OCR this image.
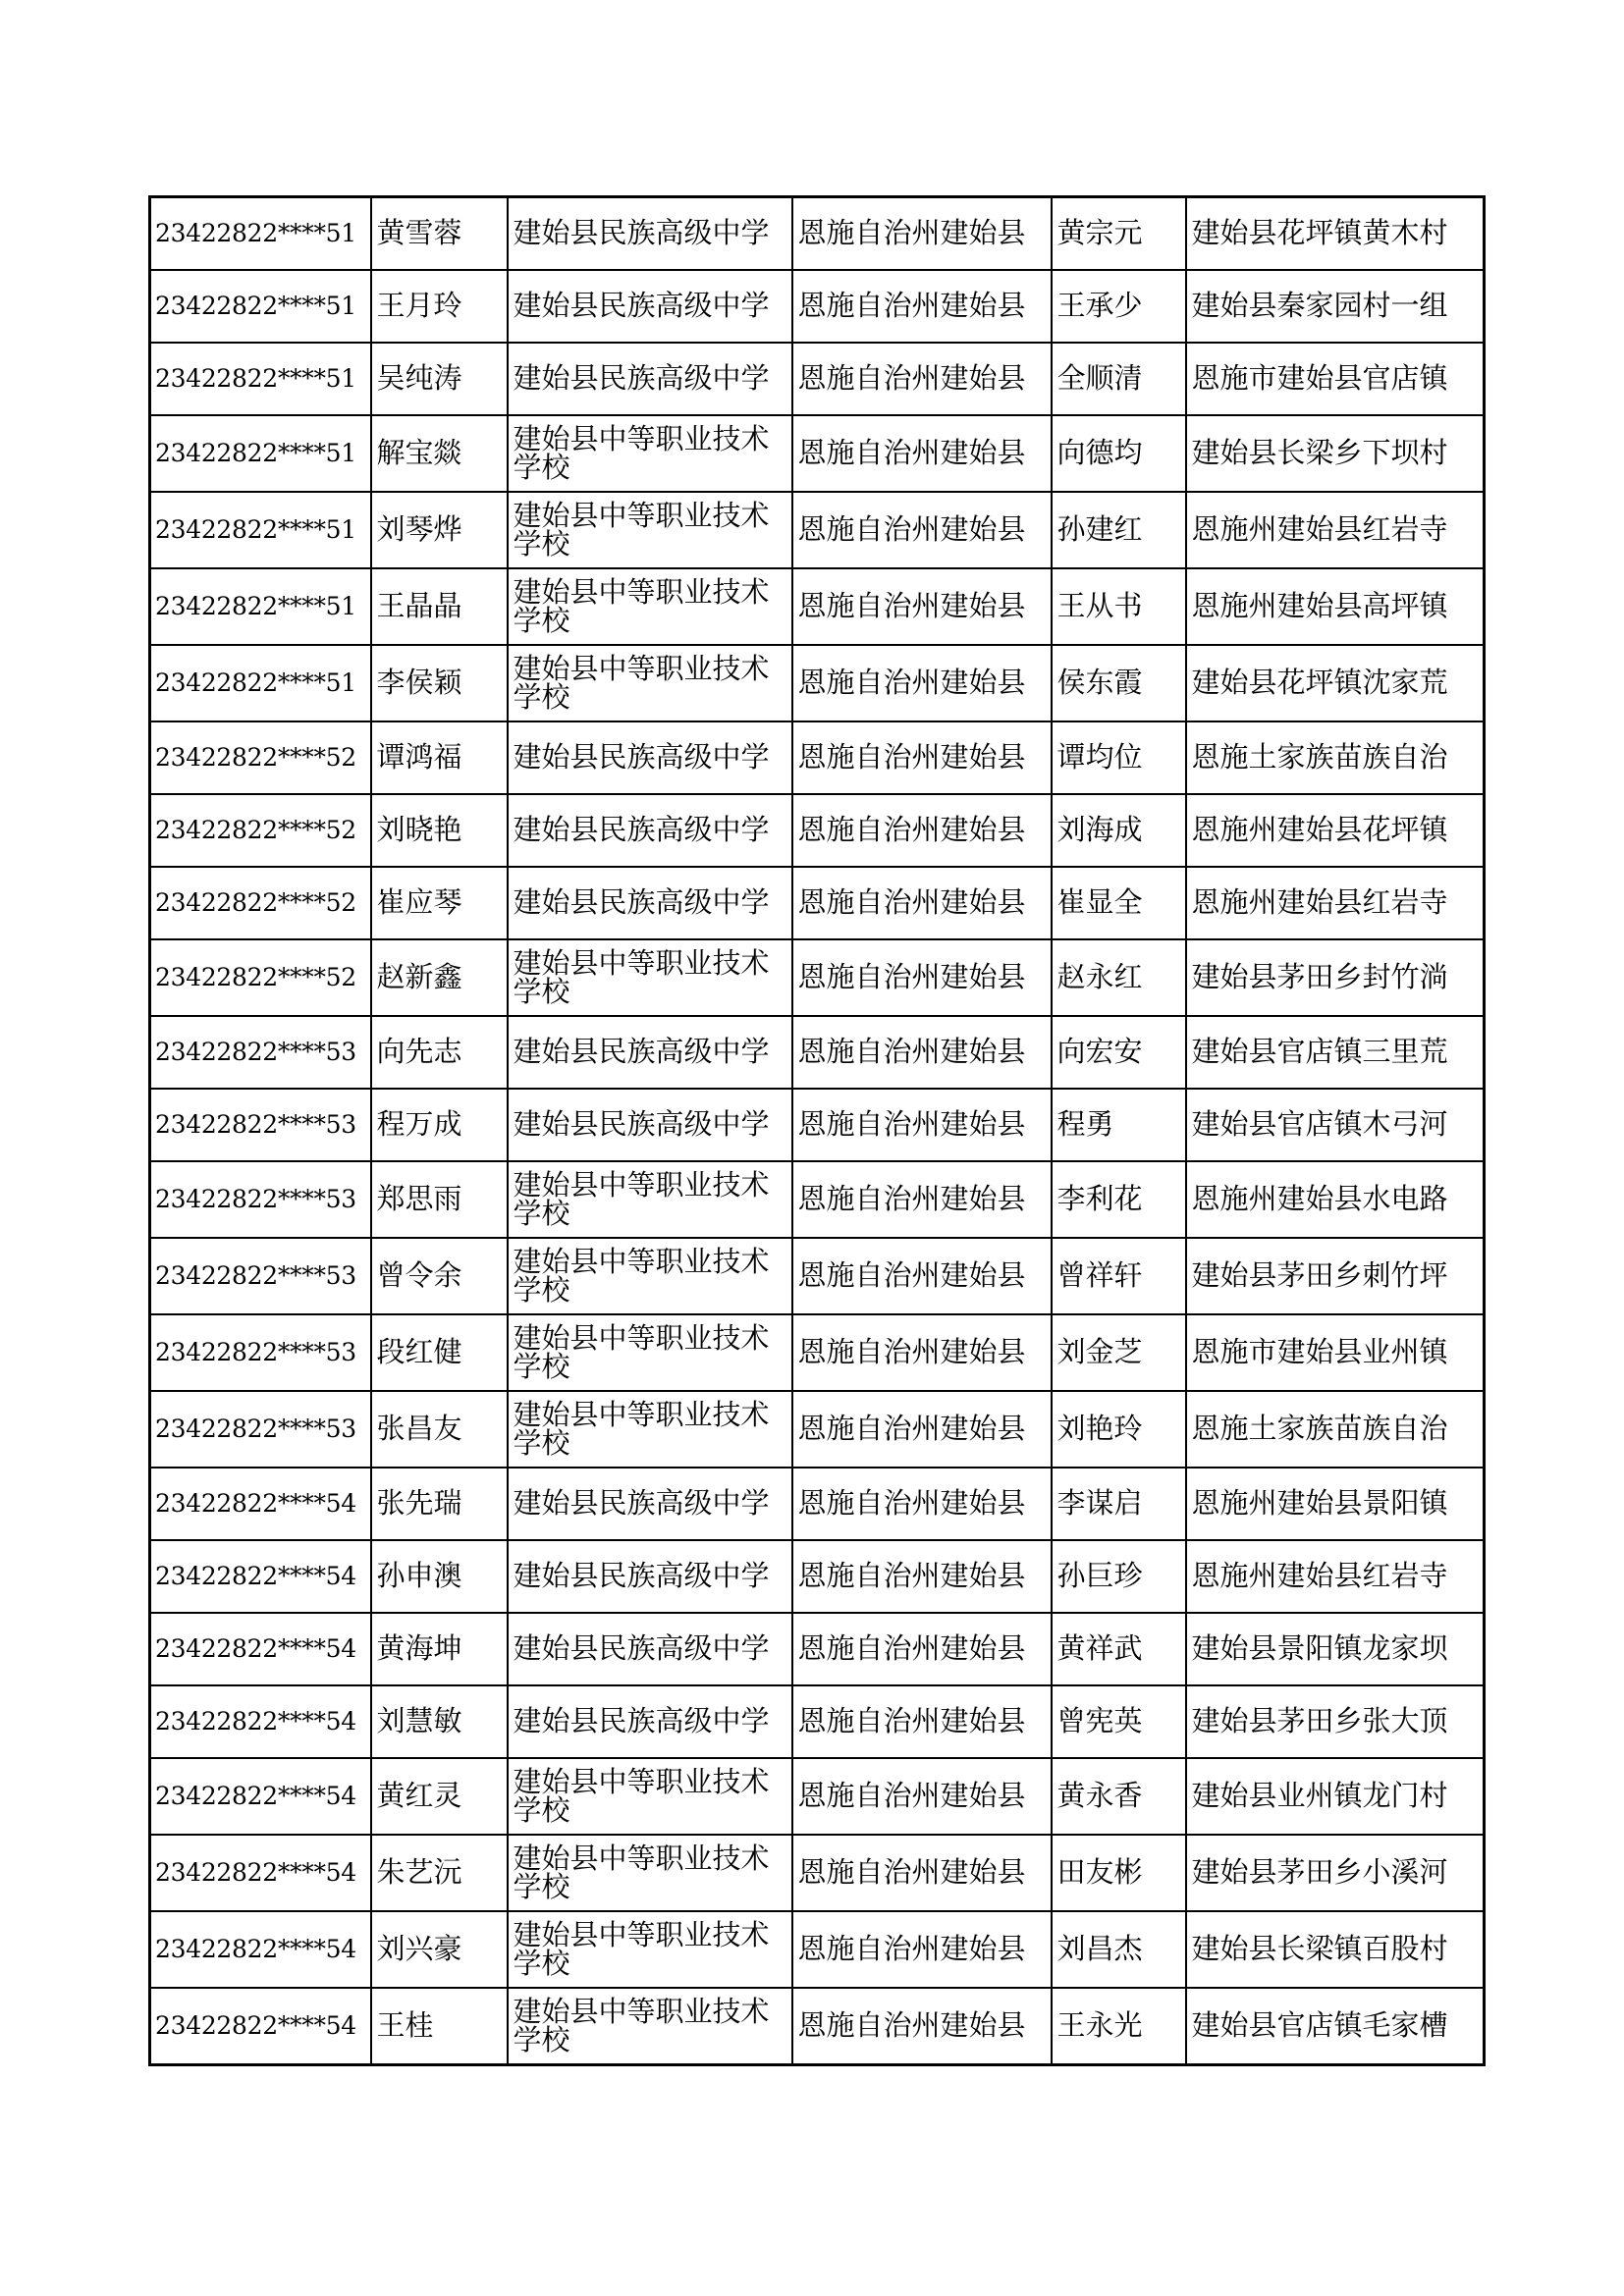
23422822****51	黄雪蓉	建始县民族高级中学	恩施自治州建始县	黄宗元	建始县花坪镇黄木村
23422822****51	王月玲	建始县民族高级中学	恩施自治州建始县	王承少	建始县秦家园村一组
23422822****51	吴纯涛	建始县民族高级中学	恩施自治州建始县	全顺清	恩施市建始县官店镇
23422822****51	解宝燚	建始县中等职业技术学校	恩施自治州建始县	向德均	建始县长梁乡下坝村
23422822****51	刘琴烨	建始县中等职业技术学校	恩施自治州建始县	孙建红	恩施州建始县红岩寺
23422822****51	王晶晶	建始县中等职业技术学校	恩施自治州建始县	王从书	恩施州建始县高坪镇
23422822****51	李侯颖	建始县中等职业技术学校	恩施自治州建始县	侯东霞	建始县花坪镇沈家荒
23422822****52	谭鸿福	建始县民族高级中学	恩施自治州建始县	谭均位	恩施土家族苗族自治
23422822****52	刘晓艳	建始县民族高级中学	恩施自治州建始县	刘海成	恩施州建始县花坪镇
23422822****52	崔应琴	建始县民族高级中学	恩施自治州建始县	崔显全	恩施州建始县红岩寺
23422822****52	赵新鑫	建始县中等职业技术学校	恩施自治州建始县	赵永红	建始县茅田乡封竹淌
23422822****53	向先志	建始县民族高级中学	恩施自治州建始县	向宏安	建始县官店镇三里荒
23422822****53	程万成	建始县民族高级中学	恩施自治州建始县	程勇	建始县官店镇木弓河
23422822****53	郑思雨	建始县中等职业技术学校	恩施自治州建始县	李利花	恩施州建始县水电路
23422822****53	曾令余	建始县中等职业技术学校	恩施自治州建始县	曾祥轩	建始县茅田乡刺竹坪
23422822****53	段红健	建始县中等职业技术学校	恩施自治州建始县	刘金芝	恩施市建始县业州镇
23422822****53	张昌友	建始县中等职业技术学校	恩施自治州建始县	刘艳玲	恩施土家族苗族自治
23422822****54	张先瑞	建始县民族高级中学	恩施自治州建始县	李谋启	恩施州建始县景阳镇
23422822****54	孙申澳	建始县民族高级中学	恩施自治州建始县	孙巨珍	恩施州建始县红岩寺
23422822****54	黄海坤	建始县民族高级中学	恩施自治州建始县	黄祥武	建始县景阳镇龙家坝
23422822****54	刘慧敏	建始县民族高级中学	恩施自治州建始县	曾宪英	建始县茅田乡张大顶
23422822****54	黄红灵	建始县中等职业技术学校	恩施自治州建始县	黄永香	建始县业州镇龙门村
23422822****54	朱艺沅	建始县中等职业技术学校	恩施自治州建始县	田友彬	建始县茅田乡小溪河
23422822****54	刘兴豪	建始县中等职业技术学校	恩施自治州建始县	刘昌杰	建始县长梁镇百股村
23422822****54	王桂	建始县中等职业技术学校	恩施自治州建始县	王永光	建始县官店镇毛家槽
